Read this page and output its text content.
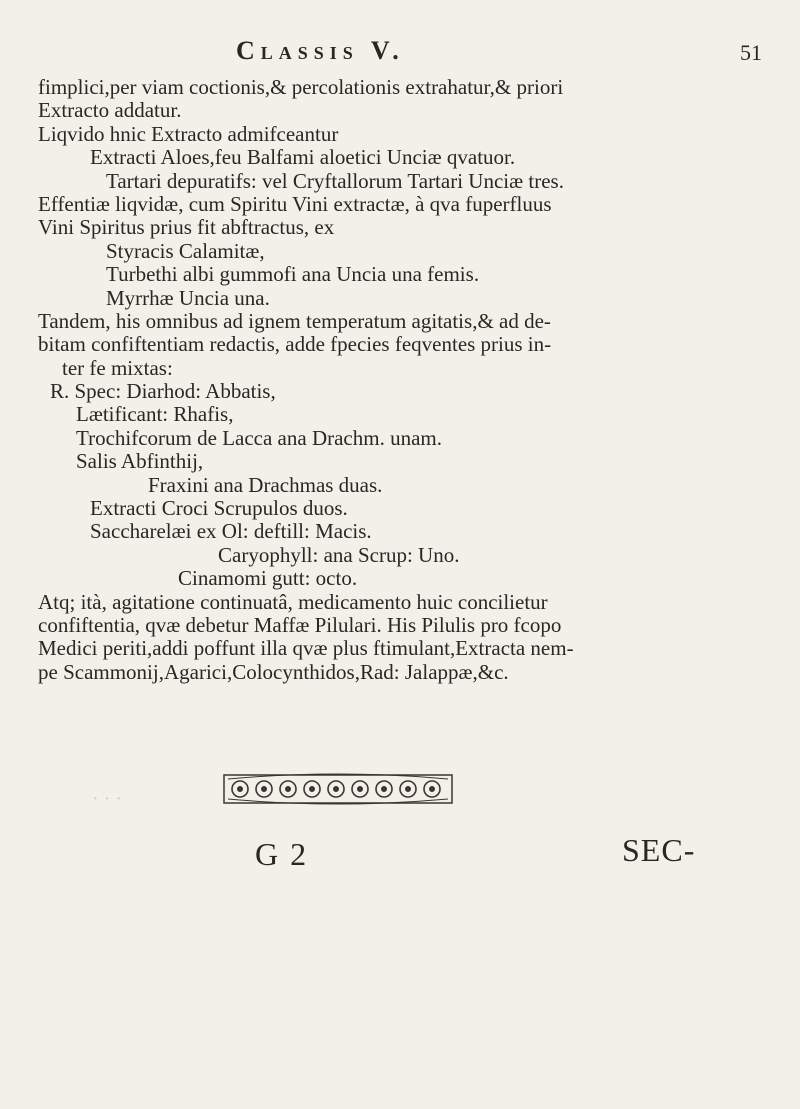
Classis V.	51
fimplici,per viam coctionis,& percolationis extrahatur,& priori
Extracto addatur.
Liqvido hnic Extracto admifceantur
Extracti Aloes,feu Balfami aloetici Unciæ qvatuor.
Tartari depuratifs: vel Cryftallorum Tartari Unciæ tres.
Effentiæ liqvidæ, cum Spiritu Vini extractæ, à qva fuperfluus
Vini Spiritus prius fit abftractus, ex
Styracis Calamitæ,
Turbethi albi gummofi ana Uncia una femis.
Myrrhæ Uncia una.
Tandem, his omnibus ad ignem temperatum agitatis,& ad de-
bitam confiftentiam redactis, adde fpecies feqventes prius in-
ter fe mixtas:
R. Spec: Diarhod: Abbatis,
Lætificant: Rhafis,
Trochifcorum de Lacca ana Drachm. unam.
Salis Abfinthij,
Fraxini ana Drachmas duas.
Extracti Croci Scrupulos duos.
Saccharelæi ex Ol: deftill: Macis.
Caryophyll: ana Scrup: Uno.
Cinamomi gutt: octo.
Atq; ità, agitatione continuatâ, medicamento huic concilietur
confiftentia, qvæ debetur Maffæ Pilulari. His Pilulis pro fcopo
Medici periti,addi poffunt illa qvæ plus ftimulant,Extracta nem-
pe Scammonij,Agarici,Colocynthidos,Rad: Jalappæ,&c.
· · ·
G 2	SEC-
